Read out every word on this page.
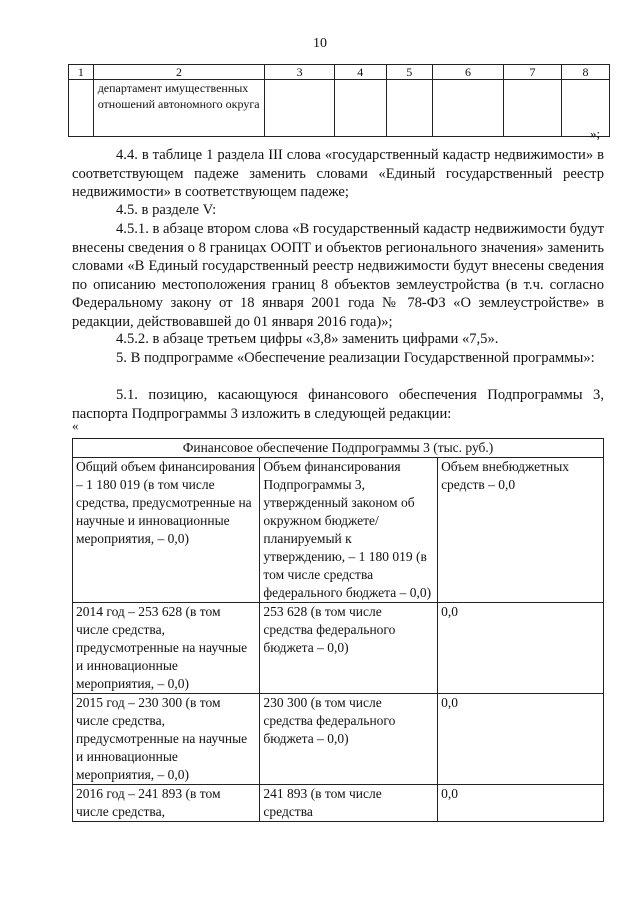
10
1	2	3	4	5	6	7	8
	департамент имущественных отношений автономного округа						
»;

4.4. в таблице 1 раздела III слова «государственный кадастр недвижимости» в соответствующем падеже заменить словами «Единый государственный реестр недвижимости» в соответствующем падеже;

4.5. в разделе V:

4.5.1. в абзаце втором слова «В государственный кадастр недвижимости будут внесены сведения о 8 границах ООПТ и объектов регионального значения» заменить словами «В Единый государственный реестр недвижимости будут внесены сведения по описанию местоположения границ 8 объектов землеустройства (в т.ч. согласно Федеральному закону от 18 января 2001 года № 78-ФЗ «О землеустройстве» в редакции, действовавшей до 01 января 2016 года)»;

4.5.2. в абзаце третьем цифры «3,8» заменить цифрами «7,5».

5. В подпрограмме «Обеспечение реализации Государственной программы»:

5.1. позицию, касающуюся финансового обеспечения Подпрограммы 3, паспорта Подпрограммы 3 изложить в следующей редакции:

«
Финансовое обеспечение Подпрограммы 3 (тыс. руб.)		
Общий объем финансирования – 1 180 019 (в том числе средства, предусмотренные на научные и инновационные мероприятия, – 0,0)	Объем финансирования Подпрограммы 3, утвержденный законом об окружном бюджете/планируемый к утверждению, – 1 180 019 (в том числе средства федерального бюджета – 0,0)	Объем внебюджетных средств – 0,0
2014 год – 253 628 (в том числе средства, предусмотренные на научные и инновационные мероприятия, – 0,0)	253 628 (в том числе средства федерального бюджета – 0,0)	0,0
2015 год – 230 300 (в том числе средства, предусмотренные на научные и инновационные мероприятия, – 0,0)	230 300 (в том числе средства федерального бюджета – 0,0)	0,0
2016 год – 241 893 (в том числе средства,	241 893 (в том числе средства	0,0
